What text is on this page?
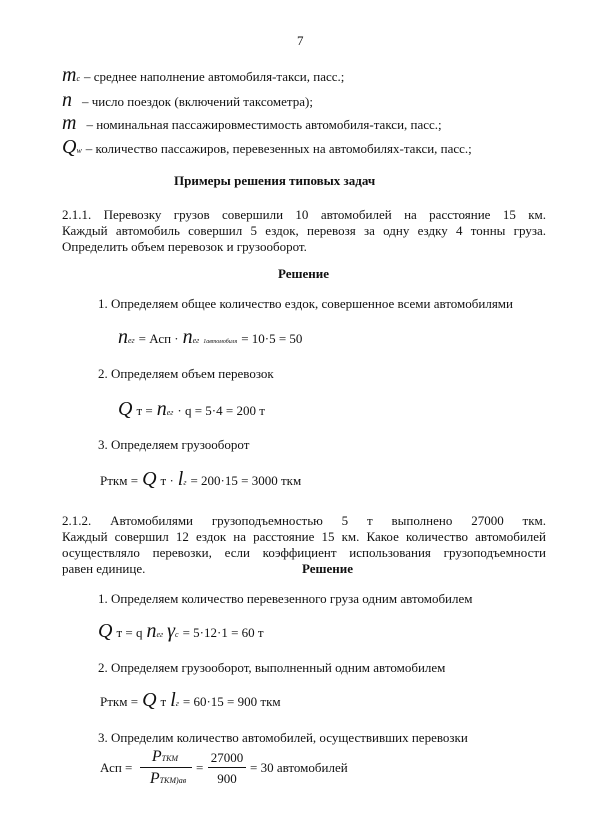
7
mc – среднее наполнение автомобиля-такси, пасс.;
n – число поездок (включений таксометра);
m – номинальная пассажировместимость автомобиля-такси, пасс.;
Qw – количество пассажиров, перевезенных на автомобилях-такси, пасс.;
Примеры решения типовых задач
2.1.1. Перевозку грузов совершили 10 автомобилей на расстояние 15 км.
Каждый автомобиль совершил 5 ездок, перевозя за одну ездку 4 тонны груза.
Определить объем перевозок и грузооборот.
Решение
1. Определяем общее количество ездок, совершенное всеми автомобилями
nег = Асп · nег 1автомобиля = 10·5 = 50
2. Определяем объем перевозок
Q т = nег · q = 5·4 = 200 т
3. Определяем грузооборот
Рткм = Q т · lг = 200·15 = 3000 ткм
2.1.2. Автомобилями грузоподъемностью 5 т выполнено 27000 ткм.
Каждый совершил 12 ездок на расстояние 15 км. Какое количество автомобилей
осуществляло перевозки, если коэффициент использования грузоподъемности
равен единице.	Решение
1. Определяем количество перевезенного груза одним автомобилем
Q т = q nег γс = 5·12·1 = 60 т
2. Определяем грузооборот, выполненный одним автомобилем
Рткм = Q т lг = 60·15 = 900 ткм
3. Определим количество автомобилей, осуществивших перевозки
Асп =
PТКМ
PТКМ)ав
=
27000
900
= 30 автомобилей
